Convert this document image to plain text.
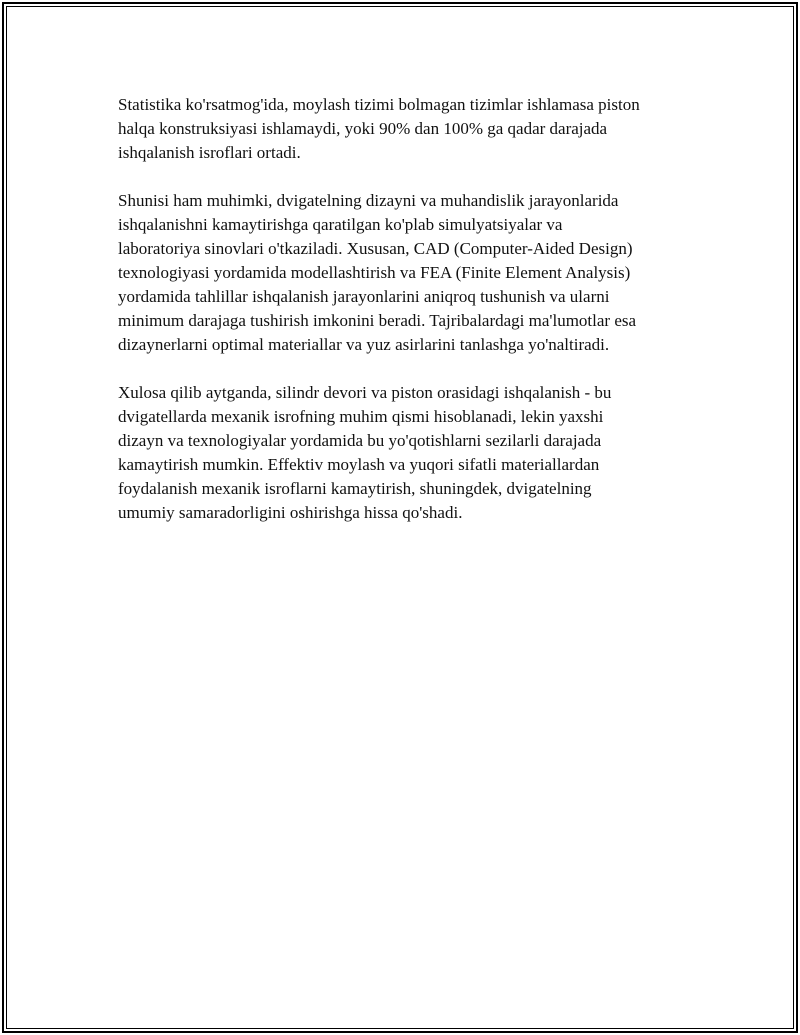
Statistika ko'rsatmog'ida, moylash tizimi bolmagan tizimlar ishlamasa piston
halqa konstruksiyasi ishlamaydi, yoki 90% dan 100% ga qadar darajada
ishqalanish isroflari ortadi.

Shunisi ham muhimki, dvigatelning dizayni va muhandislik jarayonlarida
ishqalanishni kamaytirishga qaratilgan ko'plab simulyatsiyalar va
laboratoriya sinovlari o'tkaziladi. Xususan, CAD (Computer-Aided Design)
texnologiyasi yordamida modellashtirish va FEA (Finite Element Analysis)
yordamida tahlillar ishqalanish jarayonlarini aniqroq tushunish va ularni
minimum darajaga tushirish imkonini beradi. Tajribalardagi ma'lumotlar esa
dizaynerlarni optimal materiallar va yuz asirlarini tanlashga yo'naltiradi.

Xulosa qilib aytganda, silindr devori va piston orasidagi ishqalanish - bu
dvigatellarda mexanik isrofning muhim qismi hisoblanadi, lekin yaxshi
dizayn va texnologiyalar yordamida bu yo'qotishlarni sezilarli darajada
kamaytirish mumkin. Effektiv moylash va yuqori sifatli materiallardan
foydalanish mexanik isroflarni kamaytirish, shuningdek, dvigatelning
umumiy samaradorligini oshirishga hissa qo'shadi.
